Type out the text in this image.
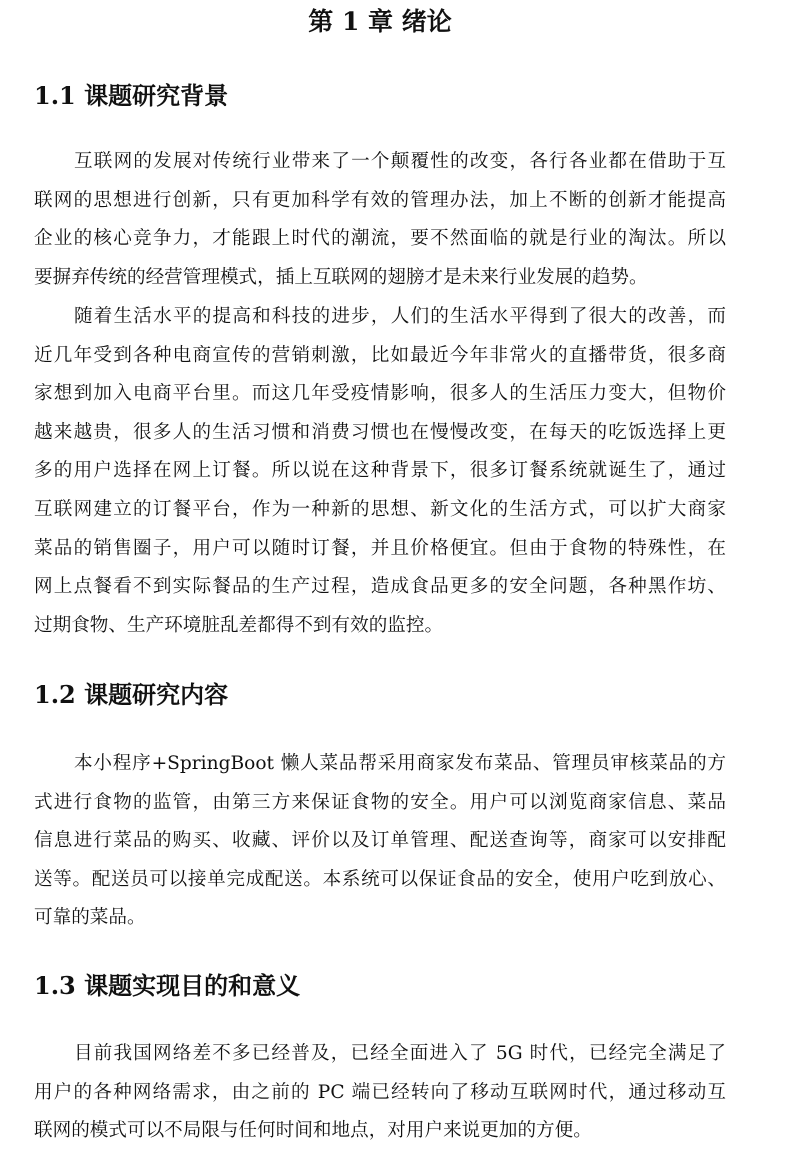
第 1 章 绪论
1.1 课题研究背景
互联网的发展对传统行业带来了一个颠覆性的改变，各行各业都在借助于互
联网的思想进行创新，只有更加科学有效的管理办法，加上不断的创新才能提高
企业的核心竞争力，才能跟上时代的潮流，要不然面临的就是行业的淘汰。所以
要摒弃传统的经营管理模式，插上互联网的翅膀才是未来行业发展的趋势。
随着生活水平的提高和科技的进步，人们的生活水平得到了很大的改善，而
近几年受到各种电商宣传的营销刺激，比如最近今年非常火的直播带货，很多商
家想到加入电商平台里。而这几年受疫情影响，很多人的生活压力变大，但物价
越来越贵，很多人的生活习惯和消费习惯也在慢慢改变，在每天的吃饭选择上更
多的用户选择在网上订餐。所以说在这种背景下，很多订餐系统就诞生了，通过
互联网建立的订餐平台，作为一种新的思想、新文化的生活方式，可以扩大商家
菜品的销售圈子，用户可以随时订餐，并且价格便宜。但由于食物的特殊性，在
网上点餐看不到实际餐品的生产过程，造成食品更多的安全问题，各种黑作坊、
过期食物、生产环境脏乱差都得不到有效的监控。
1.2 课题研究内容
本小程序+SpringBoot 懒人菜品帮采用商家发布菜品、管理员审核菜品的方
式进行食物的监管，由第三方来保证食物的安全。用户可以浏览商家信息、菜品
信息进行菜品的购买、收藏、评价以及订单管理、配送查询等，商家可以安排配
送等。配送员可以接单完成配送。本系统可以保证食品的安全，使用户吃到放心、
可靠的菜品。
1.3 课题实现目的和意义
目前我国网络差不多已经普及，已经全面进入了 5G 时代，已经完全满足了
用户的各种网络需求，由之前的 PC 端已经转向了移动互联网时代，通过移动互
联网的模式可以不局限与任何时间和地点，对用户来说更加的方便。
